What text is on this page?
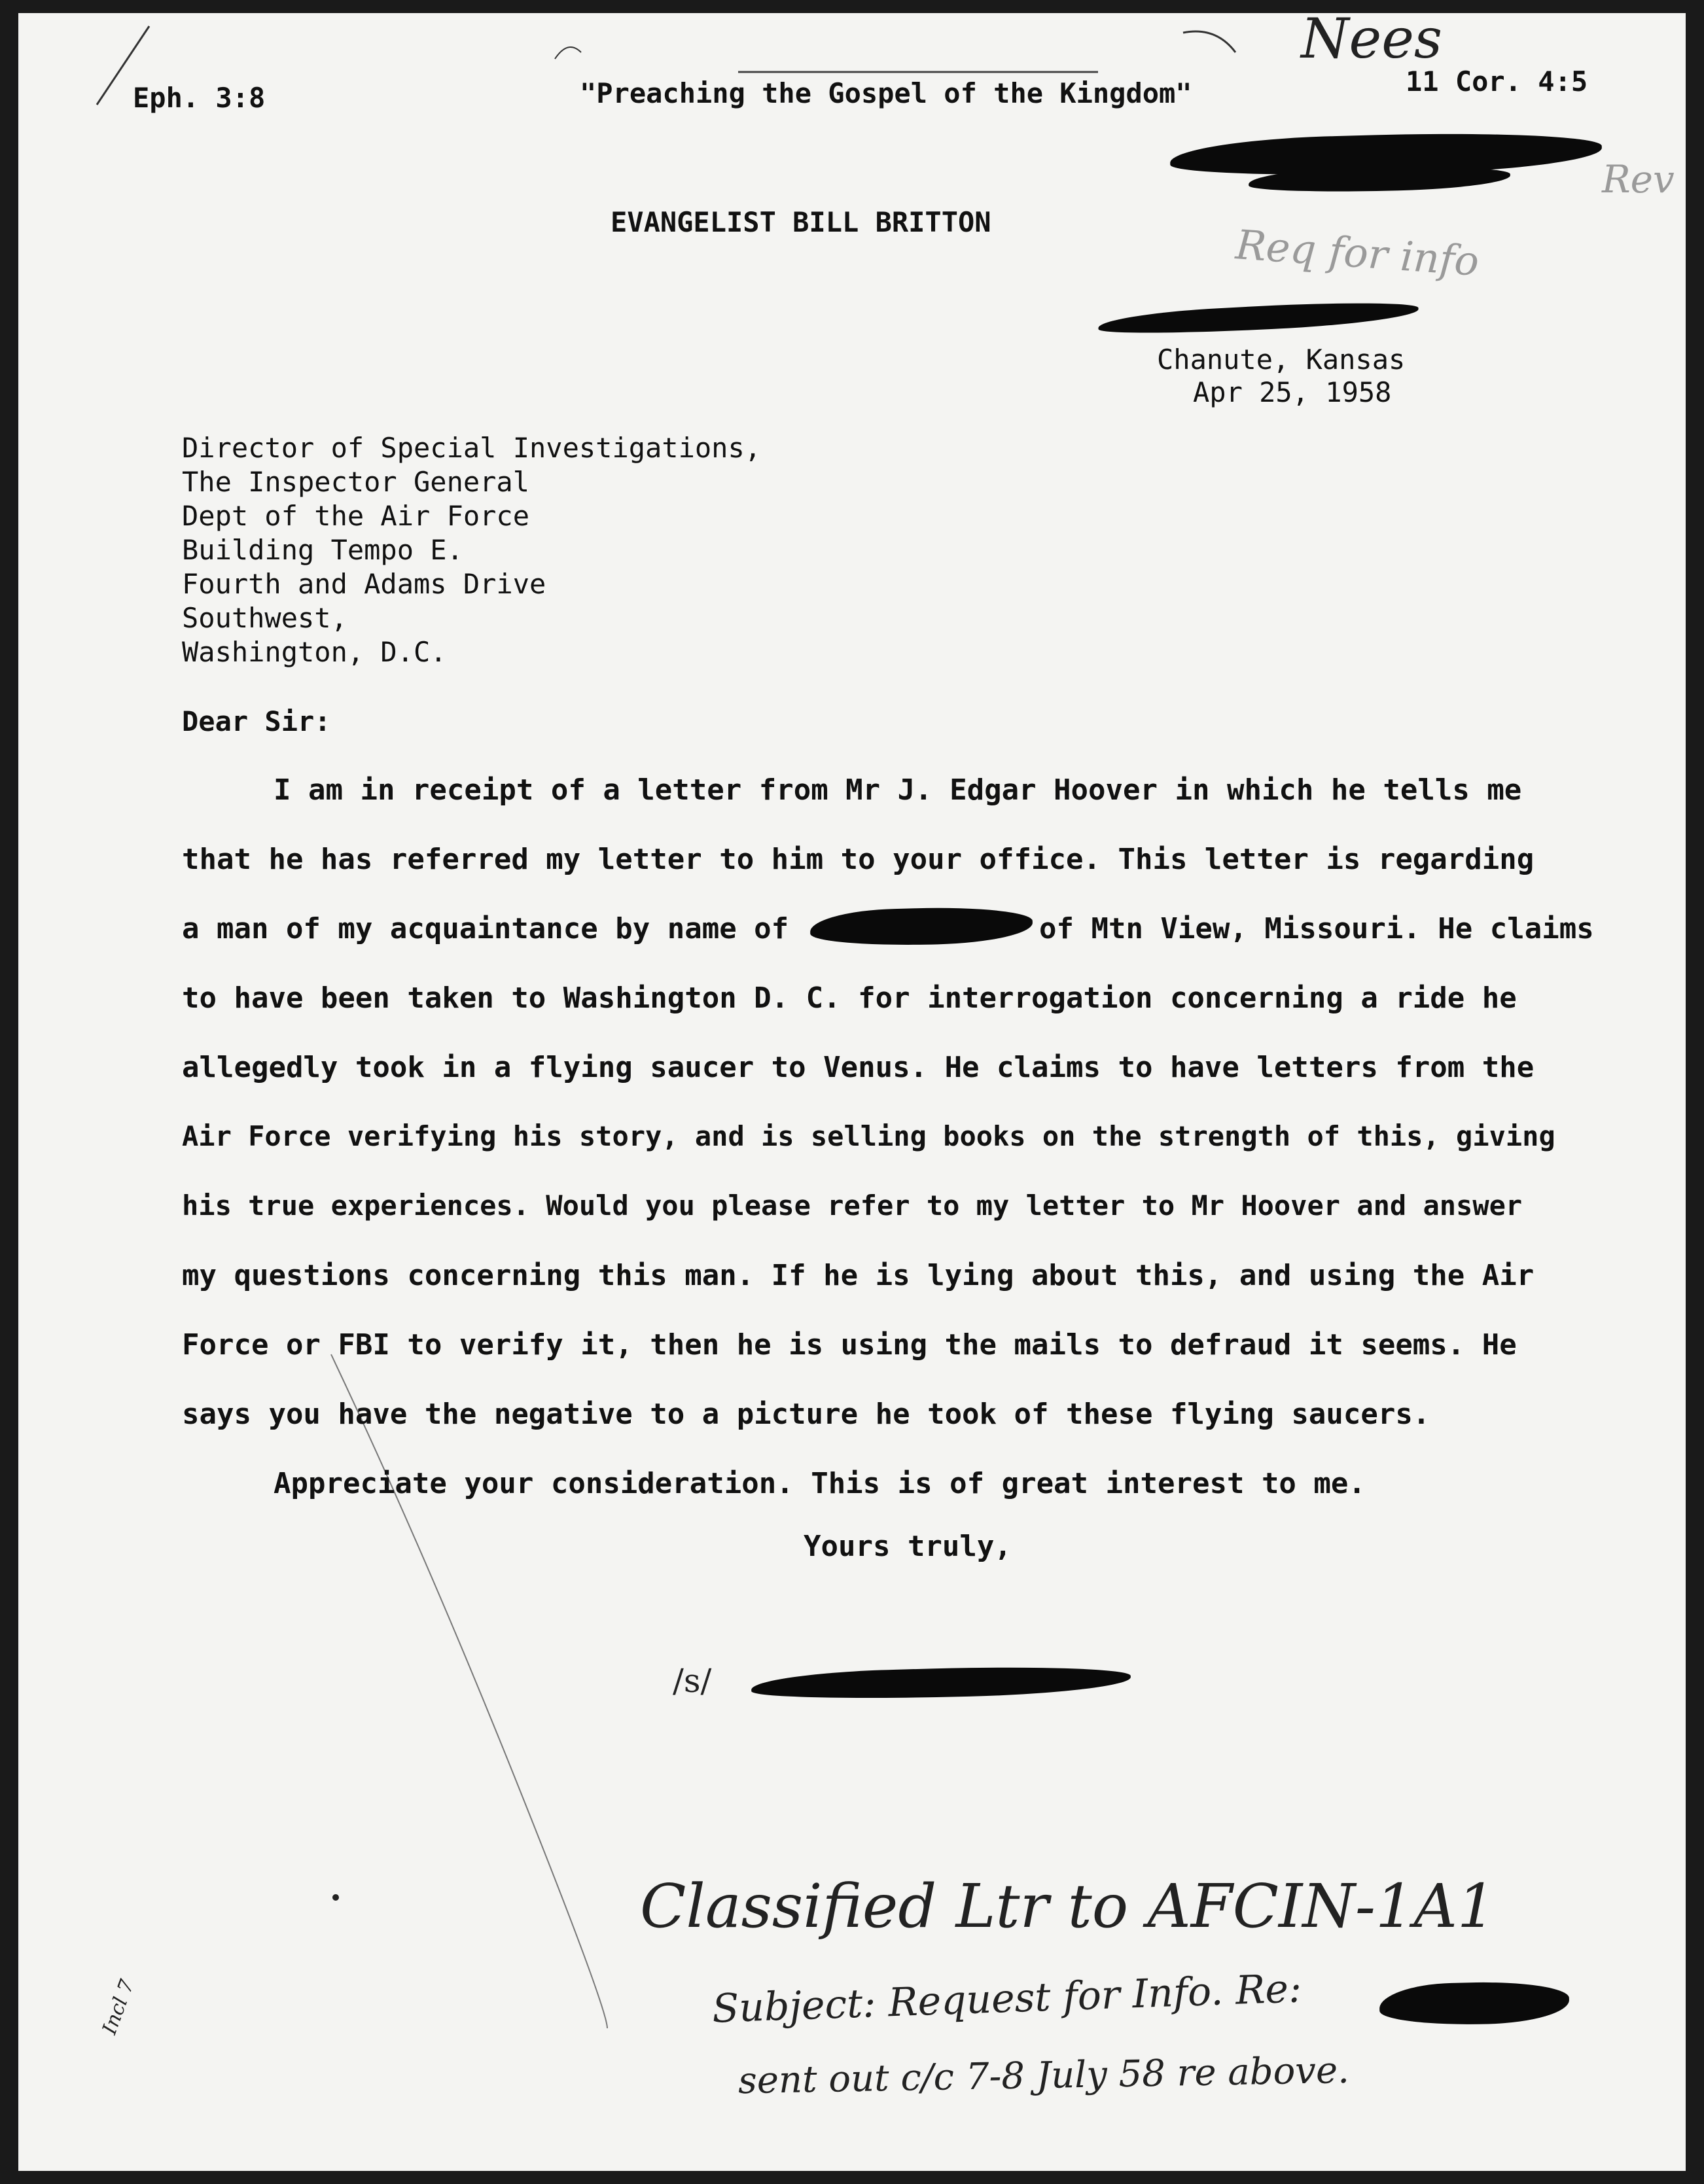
Eph. 3:8	"Preaching the Gospel of the Kingdom"	11 Cor. 4:5

Nees

Rev

Req for info

EVANGELIST BILL BRITTON

Chanute, Kansas

Apr 25, 1958

Director of Special Investigations,

The Inspector General

Dept of the Air Force

Building Tempo E.

Fourth and Adams Drive

Southwest,

Washington, D.C.

Dear Sir:

I am in receipt of a letter from Mr J. Edgar Hoover in which he tells me

that he has referred my letter to him to your office. This letter is regarding

a man of my acquaintance by name of	of Mtn View, Missouri. He claims

to have been taken to Washington D. C. for interrogation concerning a ride he

allegedly took in a flying saucer to Venus. He claims to have letters from the

Air Force verifying his story, and is selling books on the strength of this, giving

his true experiences. Would you please refer to my letter to Mr Hoover and answer

my questions concerning this man. If he is lying about this, and using the Air

Force or FBI to verify it, then he is using the mails to defraud it seems. He

says you have the negative to a picture he took of these flying saucers.

Appreciate your consideration. This is of great interest to me.

Yours truly,

/s/

Classified Ltr to AFCIN-1A1

Subject: Request for Info. Re:

sent out c/c 7-8 July 58 re above.

Incl 7
